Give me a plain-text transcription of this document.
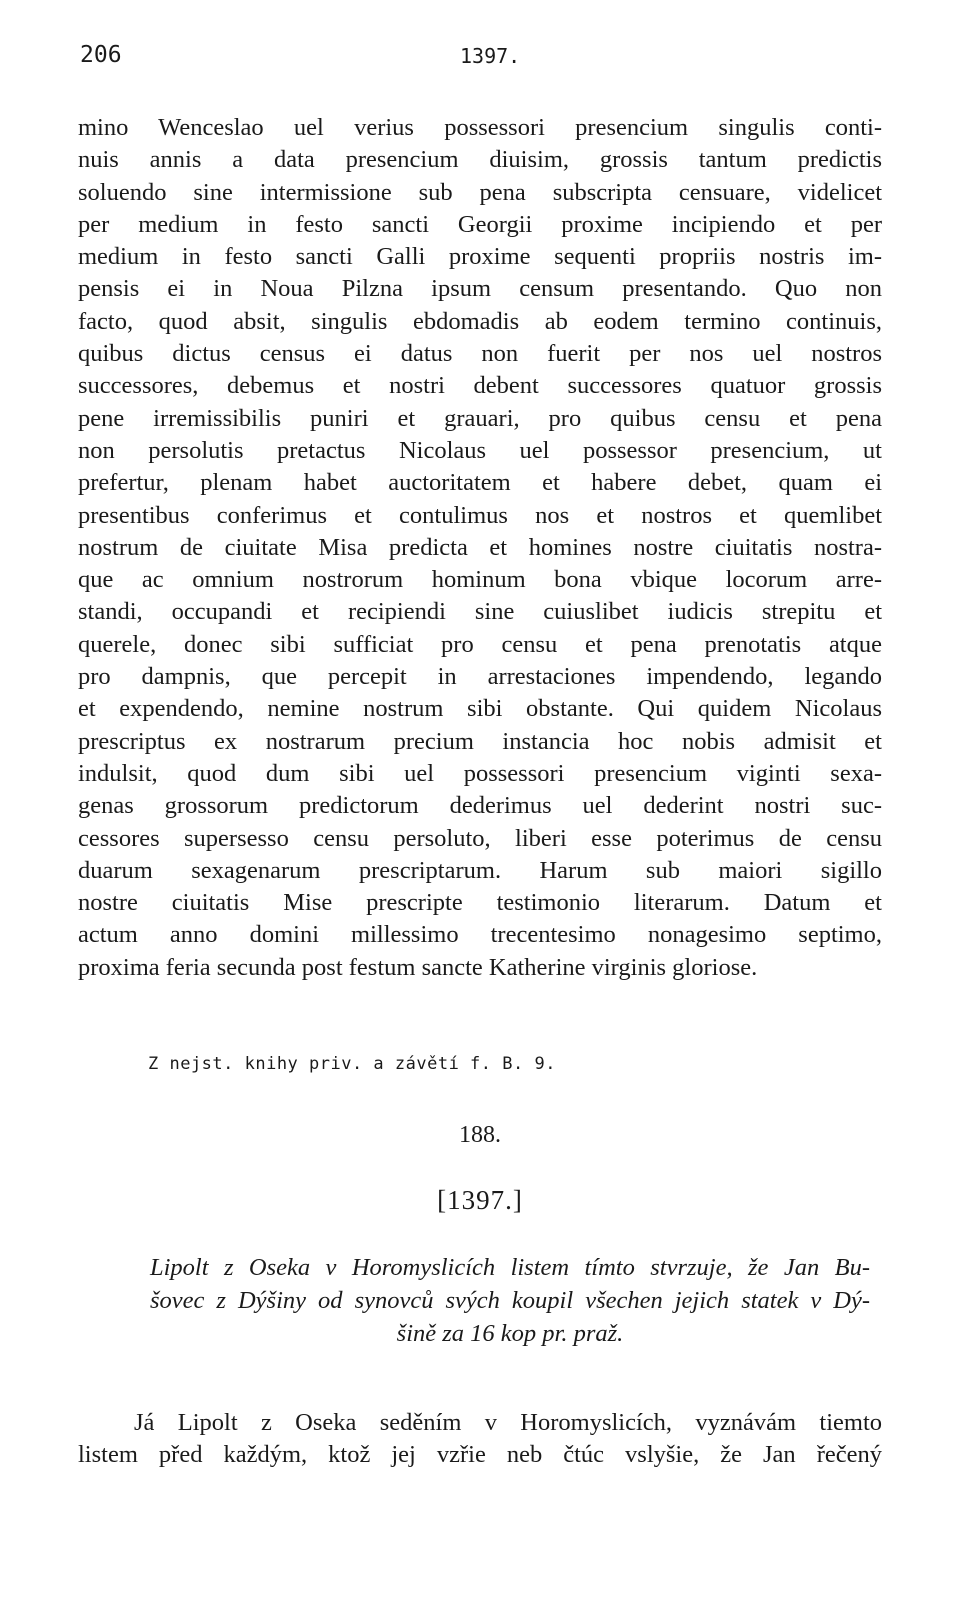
206	1397.
mino Wenceslao uel verius possessori presencium singulis conti-
nuis annis a data presencium diuisim, grossis tantum predictis
soluendo sine intermissione sub pena subscripta censuare, videlicet
per medium in festo sancti Georgii proxime incipiendo et per
medium in festo sancti Galli proxime sequenti propriis nostris im-
pensis ei in Noua Pilzna ipsum censum presentando. Quo non
facto, quod absit, singulis ebdomadis ab eodem termino continuis,
quibus dictus census ei datus non fuerit per nos uel nostros
successores, debemus et nostri debent successores quatuor grossis
pene irremissibilis puniri et grauari, pro quibus censu et pena
non persolutis pretactus Nicolaus uel possessor presencium, ut
prefertur, plenam habet auctoritatem et habere debet, quam ei
presentibus conferimus et contulimus nos et nostros et quemlibet
nostrum de ciuitate Misa predicta et homines nostre ciuitatis nostra-
que ac omnium nostrorum hominum bona vbique locorum arre-
standi, occupandi et recipiendi sine cuiuslibet iudicis strepitu et
querele, donec sibi sufficiat pro censu et pena prenotatis atque
pro dampnis, que percepit in arrestaciones impendendo, legando
et expendendo, nemine nostrum sibi obstante. Qui quidem Nicolaus
prescriptus ex nostrarum precium instancia hoc nobis admisit et
indulsit, quod dum sibi uel possessori presencium viginti sexa-
genas grossorum predictorum dederimus uel dederint nostri suc-
cessores supersesso censu persoluto, liberi esse poterimus de censu
duarum sexagenarum prescriptarum. Harum sub maiori sigillo
nostre ciuitatis Mise prescripte testimonio literarum. Datum et
actum anno domini millessimo trecentesimo nonagesimo septimo,
proxima feria secunda post festum sancte Katherine virginis gloriose.
Z nejst. knihy priv. a závětí f. B. 9.
188.
[1397.]
Lipolt z Oseka v Horomyslicích listem tímto stvrzuje, že Jan Bu-
šovec z Dýšiny od synovců svých koupil všechen jejich statek v Dý-
šině za 16 kop pr. praž.
Já Lipolt z Oseka seděním v Horomyslicích, vyznávám tiemto
listem před každým, ktož jej vzřie neb čtúc vslyšie, že Jan řečený
